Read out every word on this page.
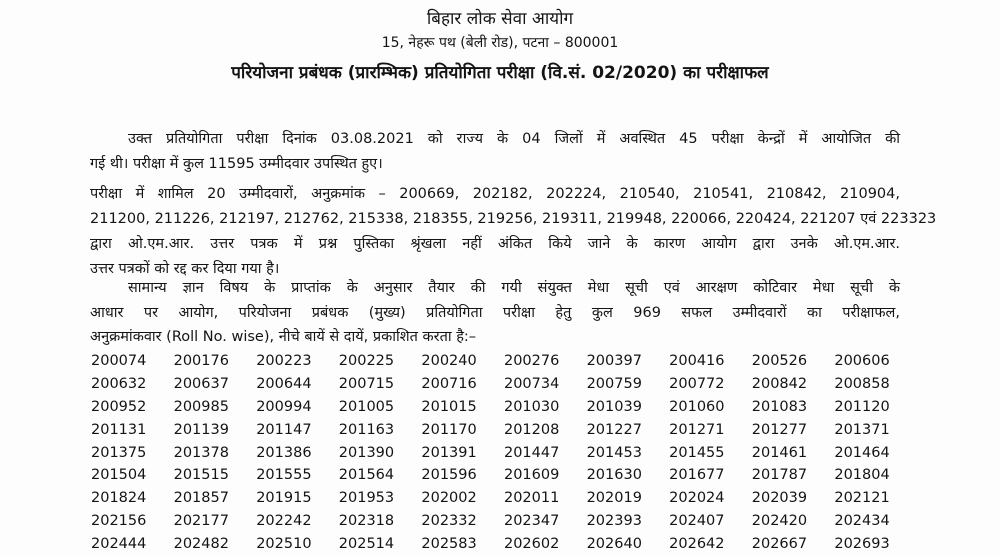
बिहार लोक सेवा आयोग
15, नेहरू पथ (बेली रोड), पटना – 800001
परियोजना प्रबंधक (प्रारम्भिक) प्रतियोगिता परीक्षा (वि.सं. 02/2020) का परीक्षाफल
उक्त प्रतियोगिता परीक्षा दिनांक 03.08.2021 को राज्य के 04 जिलों में अवस्थित 45 परीक्षा केन्द्रों में आयोजित की
गई थी। परीक्षा में कुल 11595 उम्मीदवार उपस्थित हुए।
परीक्षा में शामिल 20 उम्मीदवारों, अनुक्रमांक – 200669, 202182, 202224, 210540, 210541, 210842, 210904,
211200, 211226, 212197, 212762, 215338, 218355, 219256, 219311, 219948, 220066, 220424, 221207 एवं 223323
द्वारा ओ.एम.आर. उत्तर पत्रक में प्रश्न पुस्तिका श्रृंखला नहीं अंकित किये जाने के कारण आयोग द्वारा उनके ओ.एम.आर.
उत्तर पत्रकों को रद्द कर दिया गया है।
सामान्य ज्ञान विषय के प्राप्तांक के अनुसार तैयार की गयी संयुक्त मेधा सूची एवं आरक्षण कोटिवार मेधा सूची के
आधार पर आयोग, परियोजना प्रबंधक (मुख्य) प्रतियोगिता परीक्षा हेतु कुल 969 सफल उम्मीदवारों का परीक्षाफल,
अनुक्रमांकवार (Roll No. wise), नीचे बायें से दायें, प्रकाशित करता है:–
200074	200176	200223	200225	200240	200276	200397	200416	200526	200606
200632	200637	200644	200715	200716	200734	200759	200772	200842	200858
200952	200985	200994	201005	201015	201030	201039	201060	201083	201120
201131	201139	201147	201163	201170	201208	201227	201271	201277	201371
201375	201378	201386	201390	201391	201447	201453	201455	201461	201464
201504	201515	201555	201564	201596	201609	201630	201677	201787	201804
201824	201857	201915	201953	202002	202011	202019	202024	202039	202121
202156	202177	202242	202318	202332	202347	202393	202407	202420	202434
202444	202482	202510	202514	202583	202602	202640	202642	202667	202693
